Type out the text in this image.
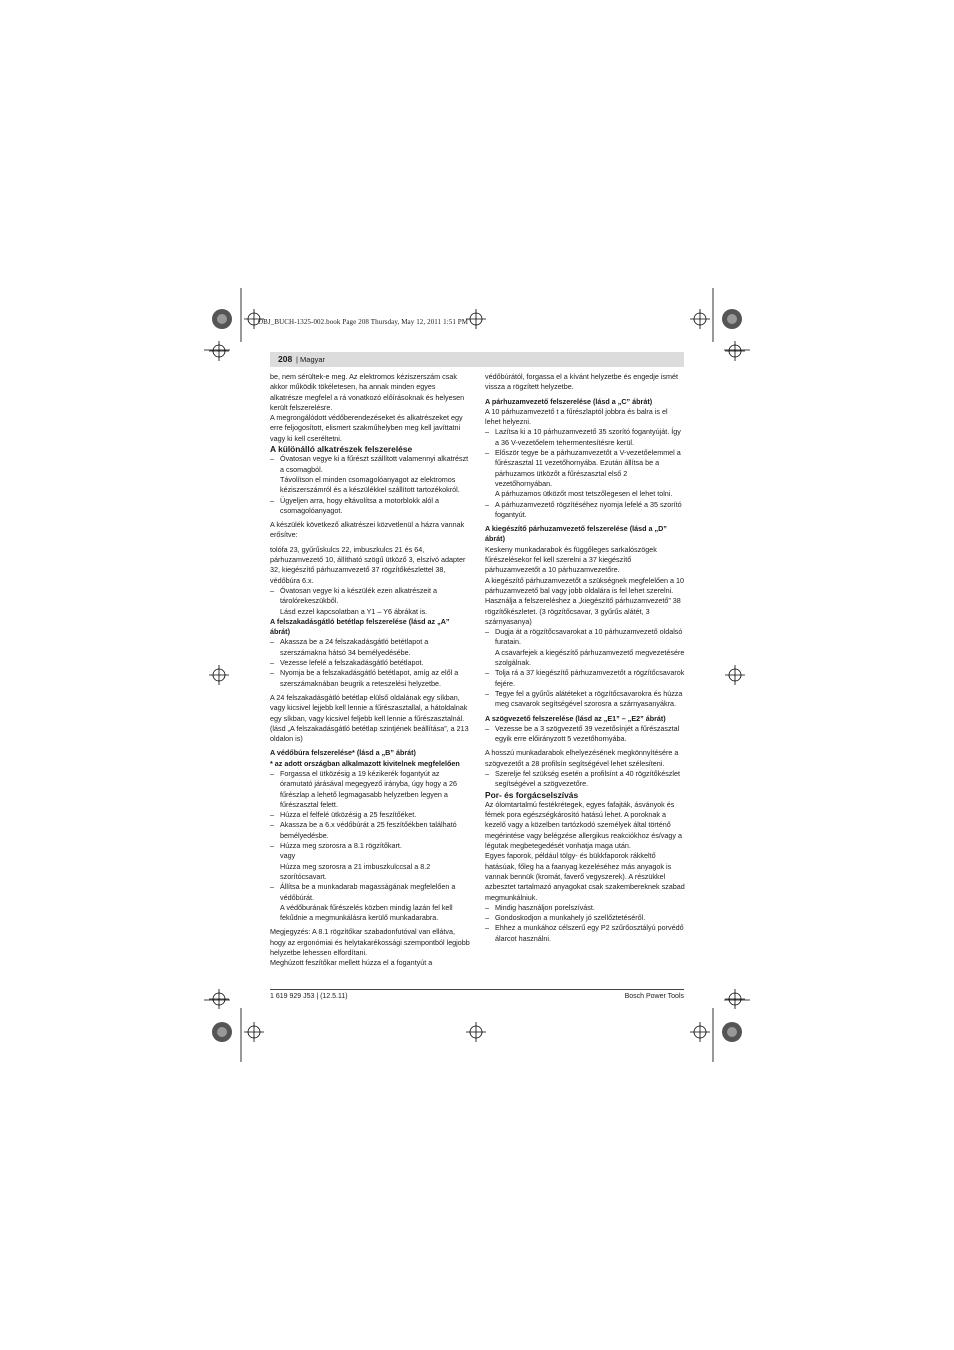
OBJ_BUCH-1325-002.book Page 208 Thursday, May 12, 2011 1:51 PM
208 | Magyar

be, nem sérültek-e meg. Az elektromos kéziszerszám csak akkor működik tökéletesen, ha annak minden egyes alkatrésze megfelel a rá vonatkozó előírásoknak és helyesen került felszerelésre.

A megrongálódott védőberendezéseket és alkatrészeket egy erre feljogosított, elismert szakműhelyben meg kell javíttatni vagy ki kell cseréltetni.

A különálló alkatrészek felszerelése

– Óvatosan vegye ki a fűrészt szállított valamennyi alkatrészt a csomagból.

Távolítson el minden csomagolóanyagot az elektromos kéziszerszámról és a készülékkel szállított tartozékokról.

– Ügyeljen arra, hogy eltávolítsa a motorblokk alól a csomagolóanyagot.

A készülék következő alkatrészei közvetlenül a házra vannak erősítve:

tolófa 23, gyűrűskulcs 22, imbuszkulcs 21 és 64, párhuzamvezető 10, állítható szögű ütköző 3, elszívó adapter 32, kiegészítő párhuzamvezető 37 rögzítőkészlettel 38, védőbúra 6.x.

– Óvatosan vegye ki a készülék ezen alkatrészeit a tárolórekeszükből.

Lásd ezzel kapcsolatban a Y1 – Y6 ábrákat is.

A felszakadásgátló betétlap felszerelése (lásd az „A” ábrát)

– Akassza be a 24 felszakadásgátló betétlapot a szerszámakna hátsó 34 bemélyedésébe.

– Vezesse lefelé a felszakadásgátló betétlapot.

– Nyomja be a felszakadásgátló betétlapot, amíg az elől a szerszámaknában beugrik a reteszelési helyzetbe.

A 24 felszakadásgátló betétlap elülső oldalának egy síkban, vagy kicsivel lejjebb kell lennie a fűrészasztallal, a hátoldalnak egy síkban, vagy kicsivel feljebb kell lennie a fűrészasztalnál. (lásd „A felszakadásgátló betétlap szintjének beállítása”, a 213 oldalon is)

A védőbúra felszerelése* (lásd a „B” ábrát)

* az adott országban alkalmazott kivitelnek megfelelően

– Forgassa el ütközésig a 19 kézikerék fogantyút az óramutató járásával megegyező irányba, úgy hogy a 26 fűrészlap a lehető legmagasabb helyzetben legyen a fűrészasztal felett.

– Húzza el felfelé ütközésig a 25 feszítőéket.

– Akassza be a 6.x védőbúrát a 25 feszítőékben található bemélyedésbe.

– Húzza meg szorosra a 8.1 rögzítőkart.

vagy

Húzza meg szorosra a 21 imbuszkulccsal a 8.2 szorítócsavart.

– Állítsa be a munkadarab magasságának megfelelően a védőbúrát.

A védőburának fűrészelés közben mindig lazán fel kell fekűdnie a megmunkálásra kerülő munkadarabra.

Megjegyzés: A 8.1 rögzítőkar szabadonfutóval van ellátva, hogy az ergonómiai és helytakarékossági szempontból legjobb helyzetbe lehessen elfordítani.

Meghúzott feszítőkar mellett húzza el a fogantyút a

védőbúrától, forgassa el a kívánt helyzetbe és engedje ismét vissza a rögzített helyzetbe.

A párhuzamvezető felszerelése (lásd a „C” ábrát)

A 10 párhuzamvezető t a fűrészlaptól jobbra és balra is el lehet helyezni.

– Lazítsa ki a 10 párhuzamvezető 35 szorító fogantyúját. Így a 36 V-vezetőelem tehermentesítésre kerül.

– Először tegye be a párhuzamvezetőt a V-vezetőelemmel a fűrészasztal 11 vezetőhornyába. Ezután állítsa be a párhuzamos ütközőt a fűrészasztal első 2 vezetőhornyában.

A párhuzamos ütközőt most tetszőlegesen el lehet tolni.

– A párhuzamvezető rögzítéséhez nyomja lefelé a 35 szorító fogantyút.

A kiegészítő párhuzamvezető felszerelése (lásd a „D” ábrát)

Keskeny munkadarabok és függőleges sarkalószögek fűrészelésekor fel kell szerelni a 37 kiegészítő párhuzamvezetőt a 10 párhuzamvezetőre.

A kiegészítő párhuzamvezetőt a szükségnek megfelelően a 10 párhuzamvezető bal vagy jobb oldalára is fel lehet szerelni.

Használja a felszereléshez a „kiegészítő párhuzamvezető” 38 rögzítőkészletet. (3 rögzítőcsavar, 3 gyűrűs alátét, 3 szárnyasanya)

– Dugja át a rögzítőcsavarokat a 10 párhuzamvezető oldalsó furatain.

A csavarfejek a kiegészítő párhuzamvezető megvezetésére szolgálnak.

– Tolja rá a 37 kiegészítő párhuzamvezetőt a rögzítőcsavarok fejére.

– Tegye fel a gyűrűs alátéteket a rögzítőcsavarokra és húzza meg csavarok segítségével szorosra a szárnyasanyákra.

A szögvezető felszerelése (lásd az „E1” – „E2” ábrát)

– Vezesse be a 3 szögvezető 39 vezetősínjét a fűrészasztal egyik erre előirányzott 5 vezetőhornyába.

A hosszú munkadarabok elhelyezésének megkönnyítésére a szögvezetőt a 28 profilsín segítségével lehet szélesíteni.

– Szerelje fel szükség esetén a profilsínt a 40 rögzítőkészlet segítségével a szögvezetőre.

Por- és forgácselszívás

Az ólomtartalmú festékrétegek, egyes fafajták, ásványok és fémek pora egészségkárosító hatású lehet. A poroknak a kezelő vagy a közelben tartózkodó személyek által történő megérintése vagy belégzése allergikus reakciókhoz és/vagy a légutak megbetegedését vonhatja maga után.

Egyes faporok, például tölgy- és bükkfaporok rákkeltő hatásúak, főleg ha a faanyag kezeléséhez más anyagok is vannak bennük (kromát, faverő vegyszerek). A részükkel azbesztet tartalmazó anyagokat csak szakembereknek szabad megmunkálniuk.

– Mindig használjon porelszívást.

– Gondoskodjon a munkahely jó szellőztetéséről.

– Ehhez a munkához célszerű egy P2 szűrőosztályú porvédő álarcot használni.

1 619 929 J53 | (12.5.11)	Bosch Power Tools
